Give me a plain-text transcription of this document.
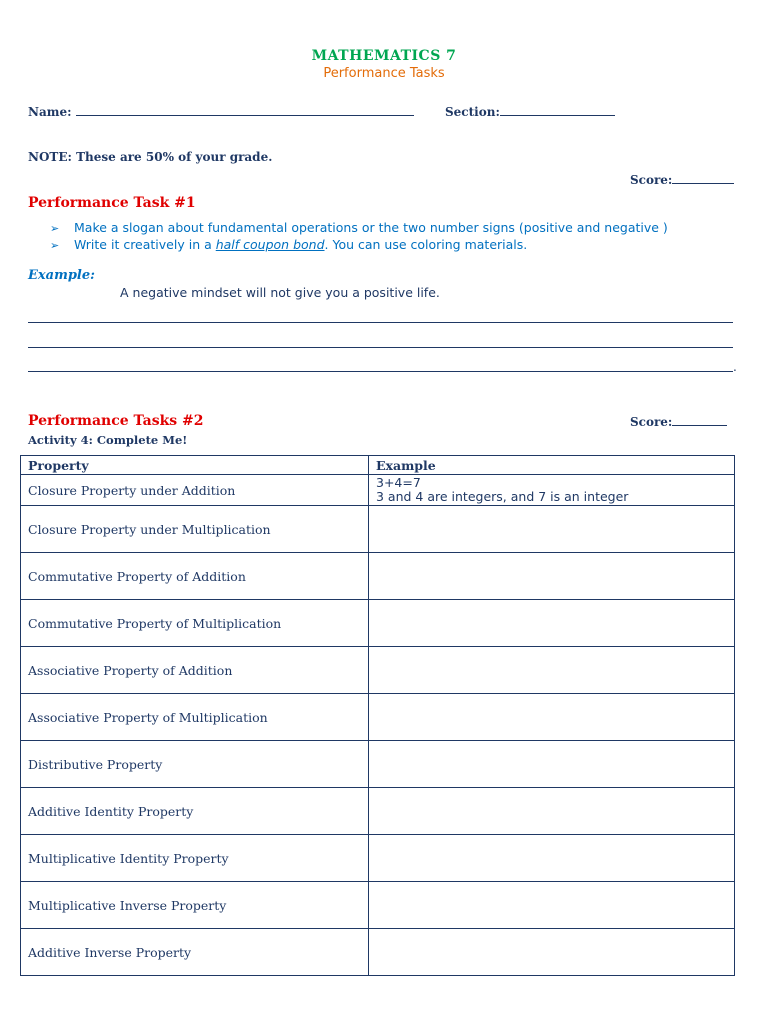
MATHEMATICS 7
Performance Tasks
Name:	Section:
NOTE: These are 50% of your grade.
Score:
Performance Task #1
➢ Make a slogan about fundamental operations or the two number signs (positive and negative )
➢ Write it creatively in a half coupon bond. You can use coloring materials.
Example:
A negative mindset will not give you a positive life.
.
Performance Tasks #2	Score:
Activity 4: Complete Me!
Property	Example
Closure Property under Addition	3+4=7
3 and 4 are integers, and 7 is an integer

Closure Property under Multiplication	
Commutative Property of Addition	
Commutative Property of Multiplication	
Associative Property of Addition	
Associative Property of Multiplication	
Distributive Property	
Additive Identity Property	
Multiplicative Identity Property	
Multiplicative Inverse Property	
Additive Inverse Property	
